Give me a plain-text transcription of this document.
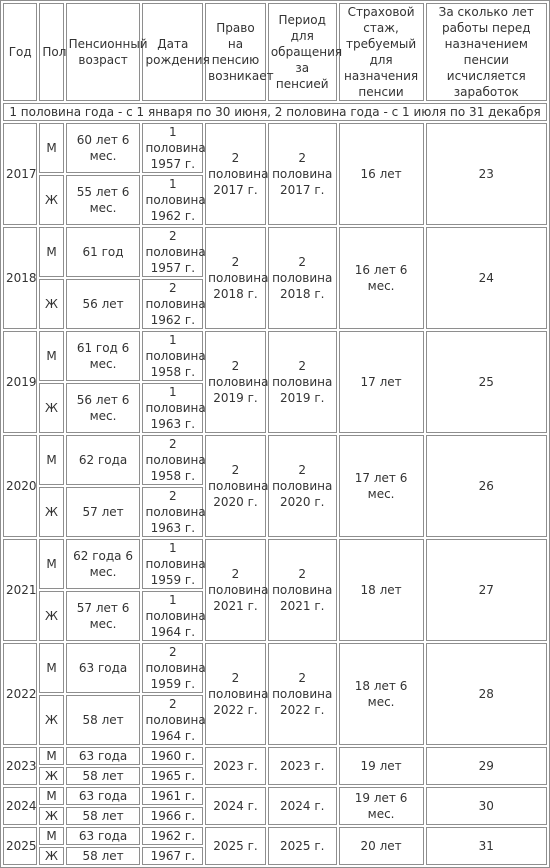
Год	Пол	Пенсионный возраст	Дата рождения	Право на пенсию возникает	Период для обращения за пенсией	Страховой стаж, требуемый для назначения пенсии	За сколько лет работы перед назначением пенсии исчисляется заработок
1 половина года - с 1 января по 30 июня, 2 половина года - с 1 июля по 31 декабря							
2017	М	60 лет 6 мес.	1 половина 1957 г.	2 половина 2017 г.	2 половина 2017 г.	16 лет	23
	Ж	55 лет 6 мес.	1 половина 1962 г.				
2018	М	61 год	2 половина 1957 г.	2 половина 2018 г.	2 половина 2018 г.	16 лет 6 мес.	24
	Ж	56 лет	2 половина 1962 г.				
2019	М	61 год 6 мес.	1 половина 1958 г.	2 половина 2019 г.	2 половина 2019 г.	17 лет	25
	Ж	56 лет 6 мес.	1 половина 1963 г.				
2020	М	62 года	2 половина 1958 г.	2 половина 2020 г.	2 половина 2020 г.	17 лет 6 мес.	26
	Ж	57 лет	2 половина 1963 г.				
2021	М	62 года 6 мес.	1 половина 1959 г.	2 половина 2021 г.	2 половина 2021 г.	18 лет	27
	Ж	57 лет 6 мес.	1 половина 1964 г.				
2022	М	63 года	2 половина 1959 г.	2 половина 2022 г.	2 половина 2022 г.	18 лет 6 мес.	28
	Ж	58 лет	2 половина 1964 г.				
2023	М	63 года	1960 г.	2023 г.	2023 г.	19 лет	29
	Ж	58 лет	1965 г.				
2024	М	63 года	1961 г.	2024 г.	2024 г.	19 лет 6 мес.	30
	Ж	58 лет	1966 г.				
2025	М	63 года	1962 г.	2025 г.	2025 г.	20 лет	31
	Ж	58 лет	1967 г.				
